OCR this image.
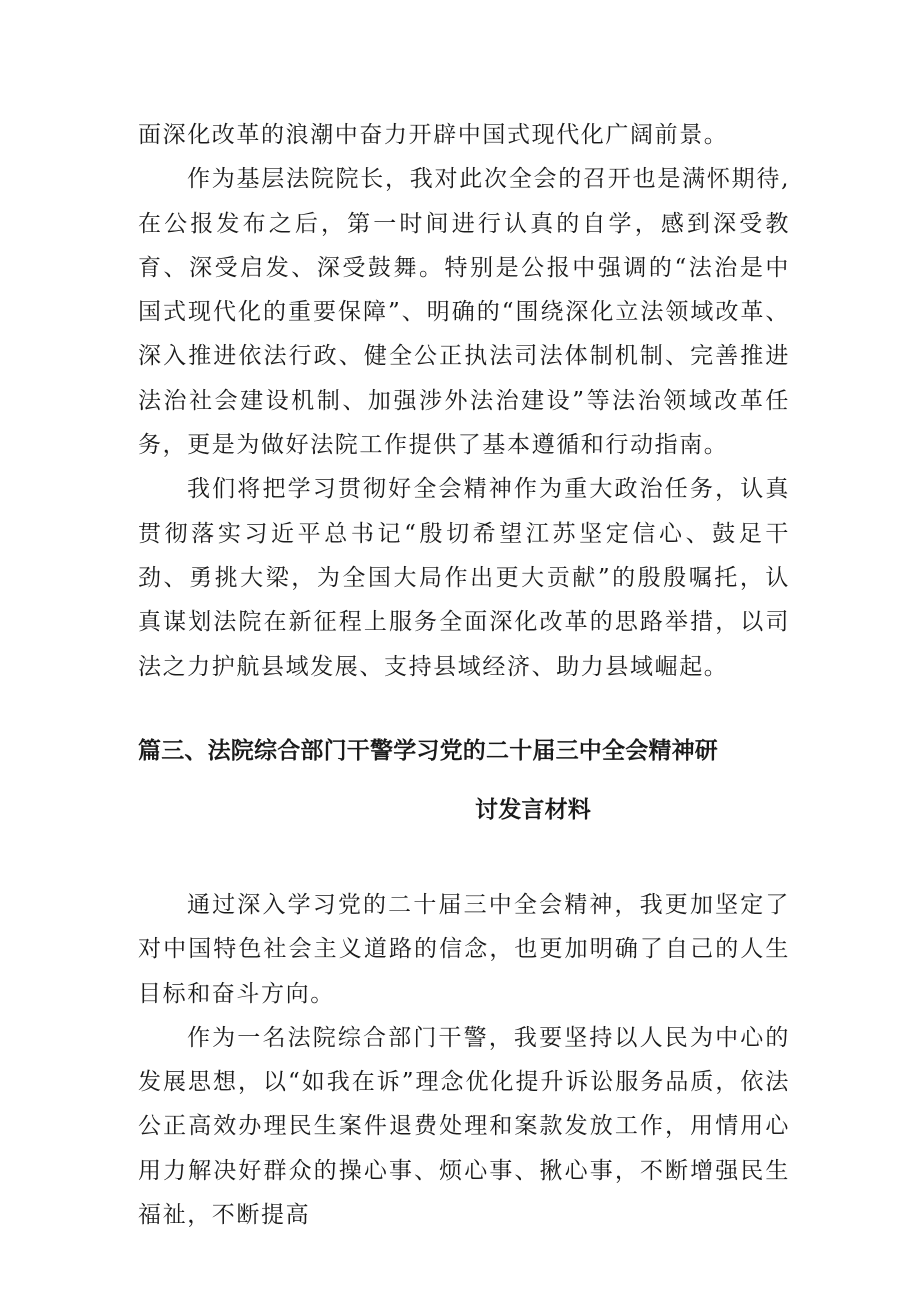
面深化改革的浪潮中奋力开辟中国式现代化广阔前景。

作为基层法院院长，我对此次全会的召开也是满怀期待,在公报发布之后，第一时间进行认真的自学，感到深受教育、深受启发、深受鼓舞。特别是公报中强调的“法治是中国式现代化的重要保障”、明确的“围绕深化立法领域改革、深入推进依法行政、健全公正执法司法体制机制、完善推进法治社会建设机制、加强涉外法治建设”等法治领域改革任务，更是为做好法院工作提供了基本遵循和行动指南。

我们将把学习贯彻好全会精神作为重大政治任务，认真贯彻落实习近平总书记“殷切希望江苏坚定信心、鼓足干劲、勇挑大梁，为全国大局作出更大贡献”的殷殷嘱托，认真谋划法院在新征程上服务全面深化改革的思路举措，以司法之力护航县域发展、支持县域经济、助力县域崛起。

篇三、法院综合部门干警学习党的二十届三中全会精神研
讨发言材料

通过深入学习党的二十届三中全会精神，我更加坚定了对中国特色社会主义道路的信念，也更加明确了自己的人生目标和奋斗方向。

作为一名法院综合部门干警，我要坚持以人民为中心的发展思想，以“如我在诉”理念优化提升诉讼服务品质，依法公正高效办理民生案件退费处理和案款发放工作，用情用心用力解决好群众的操心事、烦心事、揪心事，不断增强民生福祉，不断提高
